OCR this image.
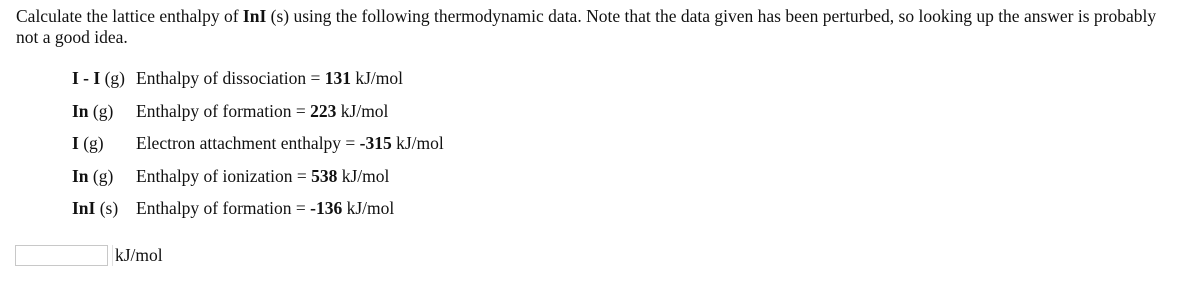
Calculate the lattice enthalpy of InI (s) using the following thermodynamic data. Note that the data given has been perturbed, so looking up the answer is probably not a good idea.
I - I (g) Enthalpy of dissociation = 131 kJ/mol
In (g)	Enthalpy of formation = 223 kJ/mol
I (g)	Electron attachment enthalpy = -315 kJ/mol
In (g)	Enthalpy of ionization = 538 kJ/mol
InI (s)	Enthalpy of formation = -136 kJ/mol
kJ/mol
